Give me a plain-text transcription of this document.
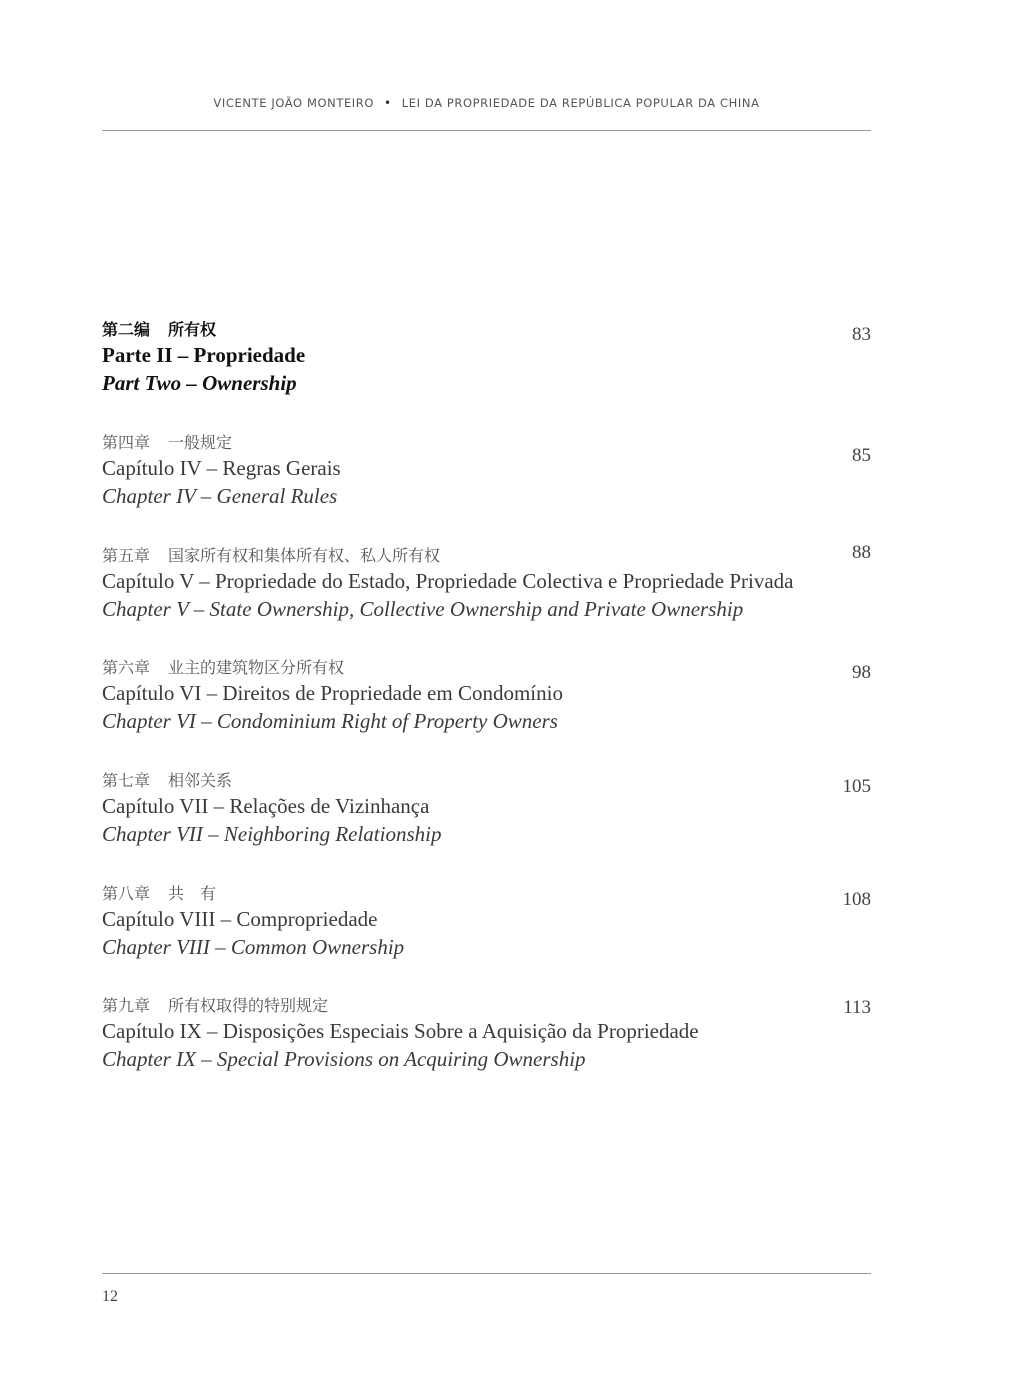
VICENTE JOÃO MONTEIRO • LEI DA PROPRIEDADE DA REPÚBLICA POPULAR DA CHINA
第二编 所有权
Parte II – Propriedade
Part Two – Ownership
83
第四章 一般规定
Capítulo IV – Regras Gerais
Chapter IV – General Rules
85
第五章 国家所有权和集体所有权、私人所有权
Capítulo V – Propriedade do Estado, Propriedade Colectiva e Propriedade Privada
Chapter V – State Ownership, Collective Ownership and Private Ownership
88
第六章 业主的建筑物区分所有权
Capítulo VI – Direitos de Propriedade em Condomínio
Chapter VI – Condominium Right of Property Owners
98
第七章 相邻关系
Capítulo VII – Relações de Vizinhança
Chapter VII – Neighboring Relationship
105
第八章 共　有
Capítulo VIII – Compropriedade
Chapter VIII – Common Ownership
108
第九章 所有权取得的特别规定
Capítulo IX – Disposições Especiais Sobre a Aquisição da Propriedade
Chapter IX – Special Provisions on Acquiring Ownership
113
12
